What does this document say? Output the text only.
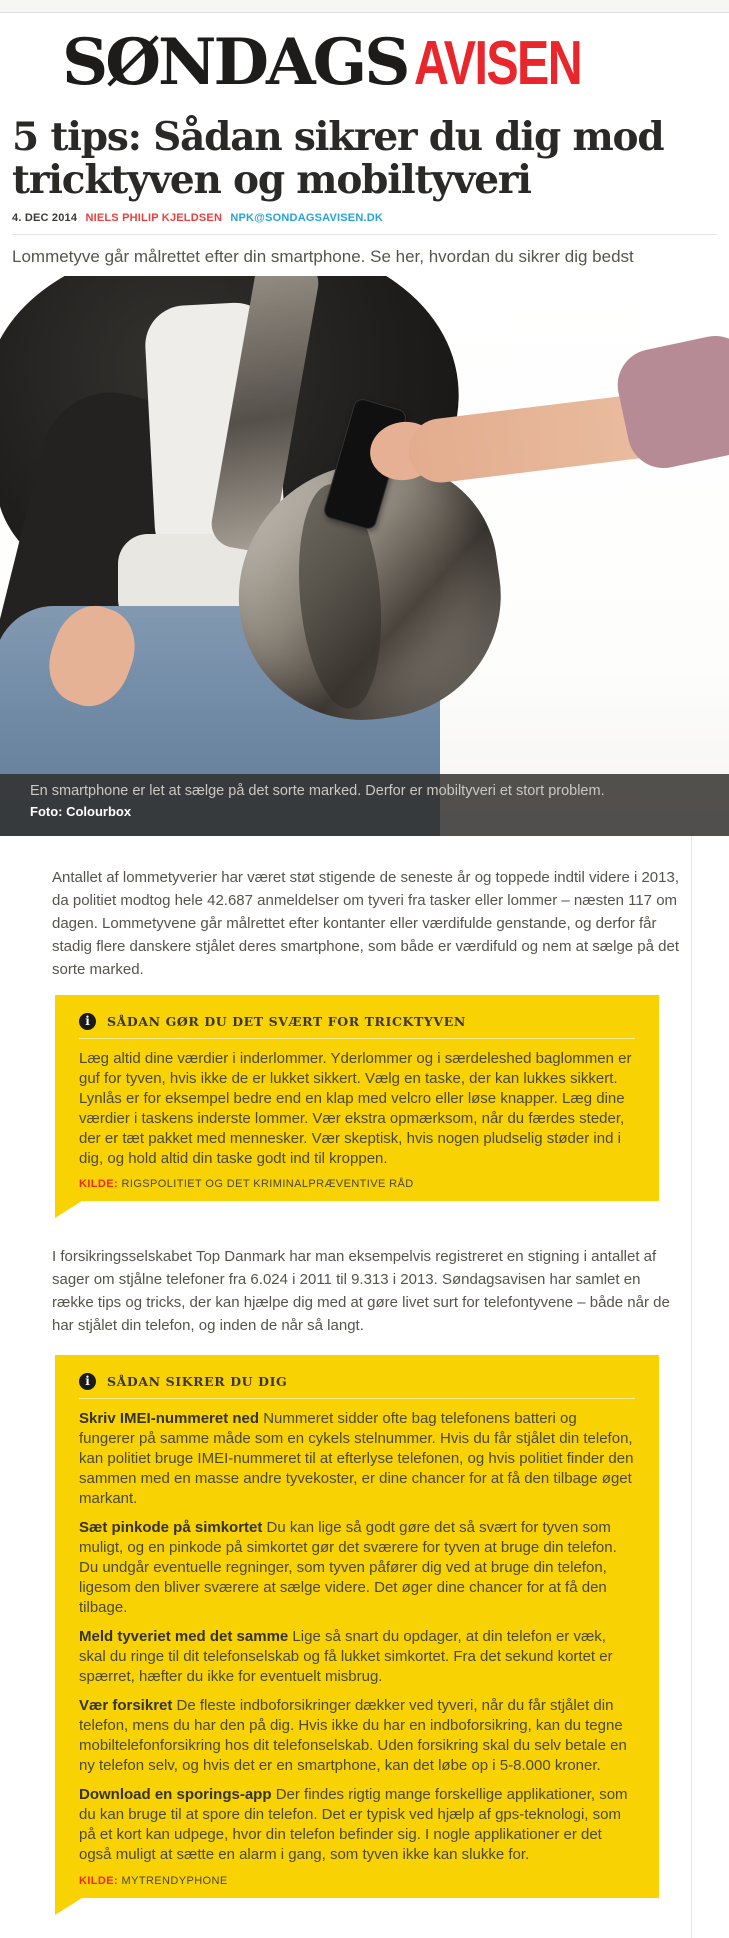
SØNDAGSAVISEN
5 tips: Sådan sikrer du dig mod tricktyven og mobiltyveri
4. DEC 2014 NIELS PHILIP KJELDSEN NPK@SONDAGSAVISEN.DK

Lommetyve går målrettet efter din smartphone. Se her, hvordan du sikrer dig bedst

En smartphone er let at sælge på det sorte marked. Derfor er mobiltyveri et stort problem.
Foto: Colourbox

Antallet af lommetyverier har været støt stigende de seneste år og toppede indtil videre i 2013, da politiet modtog hele 42.687 anmeldelser om tyveri fra tasker eller lommer – næsten 117 om dagen. Lommetyvene går målrettet efter kontanter eller værdifulde genstande, og derfor får stadig flere danskere stjålet deres smartphone, som både er værdifuld og nem at sælge på det sorte marked.

i	SÅDAN GØR DU DET SVÆRT FOR TRICKTYVEN

Læg altid dine værdier i inderlommer. Yderlommer og i særdeleshed baglommen er guf for tyven, hvis ikke de er lukket sikkert. Vælg en taske, der kan lukkes sikkert. Lynlås er for eksempel bedre end en klap med velcro eller løse knapper. Læg dine værdier i taskens inderste lommer. Vær ekstra opmærksom, når du færdes steder, der er tæt pakket med mennesker. Vær skeptisk, hvis nogen pludselig støder ind i dig, og hold altid din taske godt ind til kroppen.

KILDE: RIGSPOLITIET OG DET KRIMINALPRÆVENTIVE RÅD

I forsikringsselskabet Top Danmark har man eksempelvis registreret en stigning i antallet af sager om stjålne telefoner fra 6.024 i 2011 til 9.313 i 2013. Søndagsavisen har samlet en række tips og tricks, der kan hjælpe dig med at gøre livet surt for telefontyvene – både når de har stjålet din telefon, og inden de når så langt.

i	SÅDAN SIKRER DU DIG

Skriv IMEI-nummeret ned Nummeret sidder ofte bag telefonens batteri og fungerer på samme måde som en cykels stelnummer. Hvis du får stjålet din telefon, kan politiet bruge IMEI-nummeret til at efterlyse telefonen, og hvis politiet finder den sammen med en masse andre tyvekoster, er dine chancer for at få den tilbage øget markant.

Sæt pinkode på simkortet Du kan lige så godt gøre det så svært for tyven som muligt, og en pinkode på simkortet gør det sværere for tyven at bruge din telefon. Du undgår eventuelle regninger, som tyven påfører dig ved at bruge din telefon, ligesom den bliver sværere at sælge videre. Det øger dine chancer for at få den tilbage.

Meld tyveriet med det samme Lige så snart du opdager, at din telefon er væk, skal du ringe til dit telefonselskab og få lukket simkortet. Fra det sekund kortet er spærret, hæfter du ikke for eventuelt misbrug.

Vær forsikret De fleste indboforsikringer dækker ved tyveri, når du får stjålet din telefon, mens du har den på dig. Hvis ikke du har en indboforsikring, kan du tegne mobiltelefonforsikring hos dit telefonselskab. Uden forsikring skal du selv betale en ny telefon selv, og hvis det er en smartphone, kan det løbe op i 5-8.000 kroner.

Download en sporings-app Der findes rigtig mange forskellige applikationer, som du kan bruge til at spore din telefon. Det er typisk ved hjælp af gps-teknologi, som på et kort kan udpege, hvor din telefon befinder sig. I nogle applikationer er det også muligt at sætte en alarm i gang, som tyven ikke kan slukke for.

KILDE: MYTRENDYPHONE
